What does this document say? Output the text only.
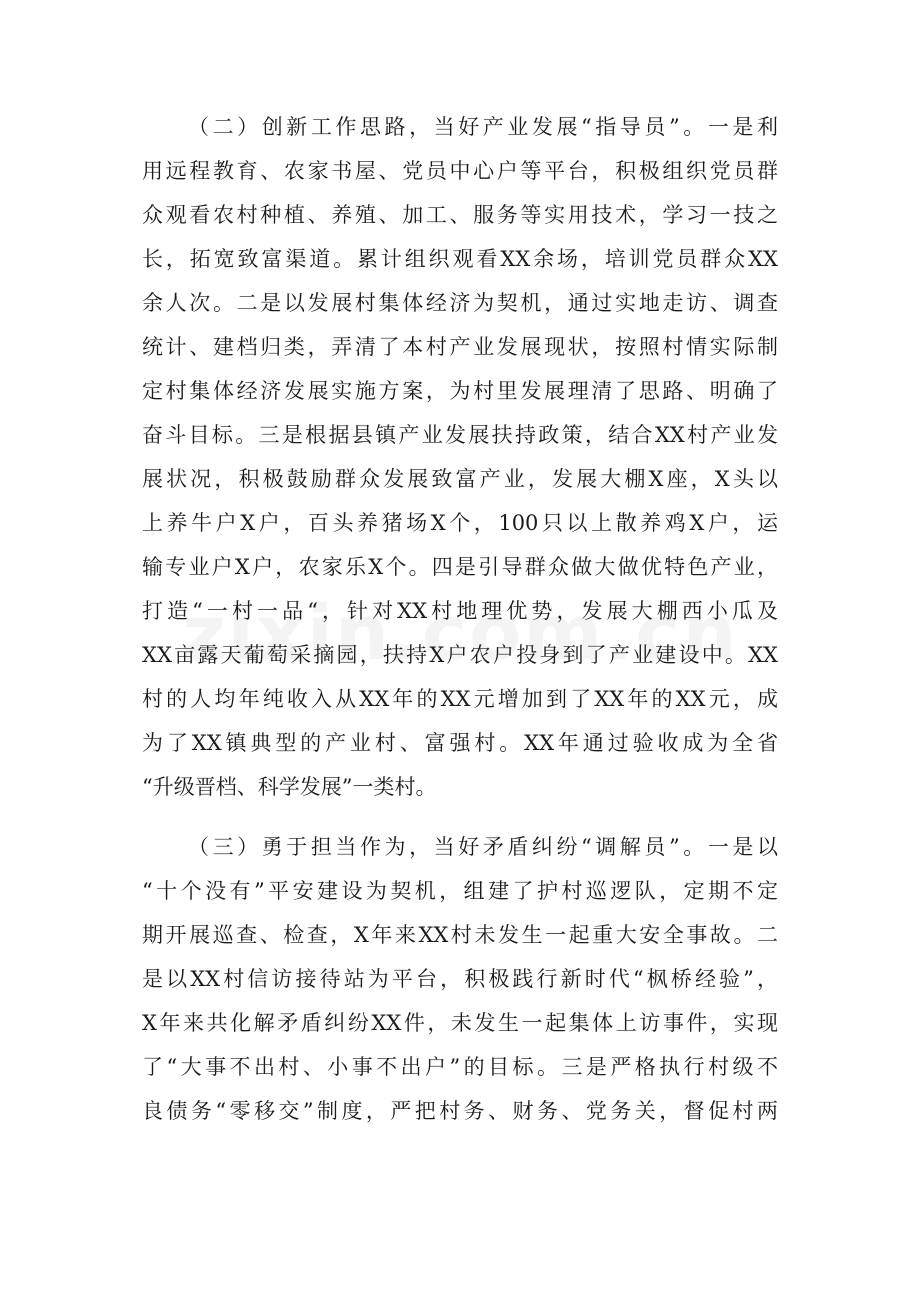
（二）创新工作思路，当好产业发展“指导员”。一是利
用远程教育、农家书屋、党员中心户等平台，积极组织党员群
众观看农村种植、养殖、加工、服务等实用技术，学习一技之
长，拓宽致富渠道。累计组织观看XX余场，培训党员群众XX
余人次。二是以发展村集体经济为契机，通过实地走访、调查
统计、建档归类，弄清了本村产业发展现状，按照村情实际制
定村集体经济发展实施方案，为村里发展理清了思路、明确了
奋斗目标。三是根据县镇产业发展扶持政策，结合XX村产业发
展状况，积极鼓励群众发展致富产业，发展大棚X座，X头以
上养牛户X户，百头养猪场X个，100只以上散养鸡X户，运
输专业户X户，农家乐X个。四是引导群众做大做优特色产业，
打造“一村一品“，针对XX村地理优势，发展大棚西小瓜及
XX亩露天葡萄采摘园，扶持X户农户投身到了产业建设中。XX
村的人均年纯收入从XX年的XX元增加到了XX年的XX元，成
为了XX镇典型的产业村、富强村。XX年通过验收成为全省
“升级晋档、科学发展”一类村。
（三）勇于担当作为，当好矛盾纠纷“调解员”。一是以
“十个没有”平安建设为契机，组建了护村巡逻队，定期不定
期开展巡查、检查，X年来XX村未发生一起重大安全事故。二
是以XX村信访接待站为平台，积极践行新时代“枫桥经验”，
X年来共化解矛盾纠纷XX件，未发生一起集体上访事件，实现
了“大事不出村、小事不出户”的目标。三是严格执行村级不
良债务“零移交”制度，严把村务、财务、党务关，督促村两
